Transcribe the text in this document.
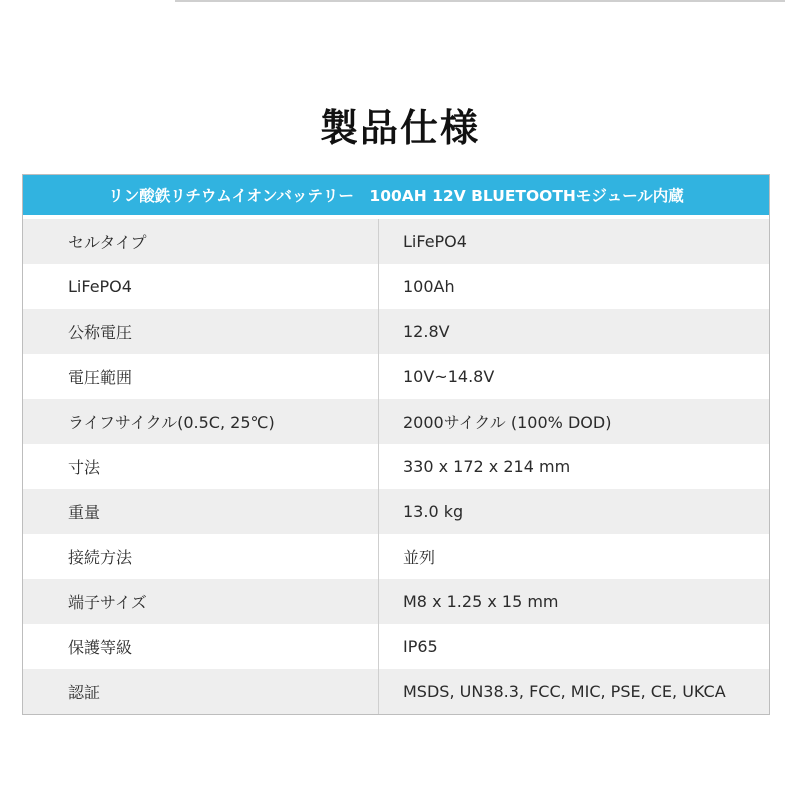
製品仕様
リン酸鉄リチウムイオンバッテリー　100AH 12V BLUETOOTHモジュール内蔵
セルタイプ	LiFePO4
LiFePO4	100Ah
公称電圧	12.8V
電圧範囲	10V~14.8V
ライフサイクル(0.5C, 25℃)	2000サイクル (100% DOD)
寸法	330 x 172 x 214 mm
重量	13.0 kg
接続方法	並列
端子サイズ	M8 x 1.25 x 15 mm
保護等級	IP65
認証	MSDS, UN38.3, FCC, MIC, PSE, CE, UKCA
